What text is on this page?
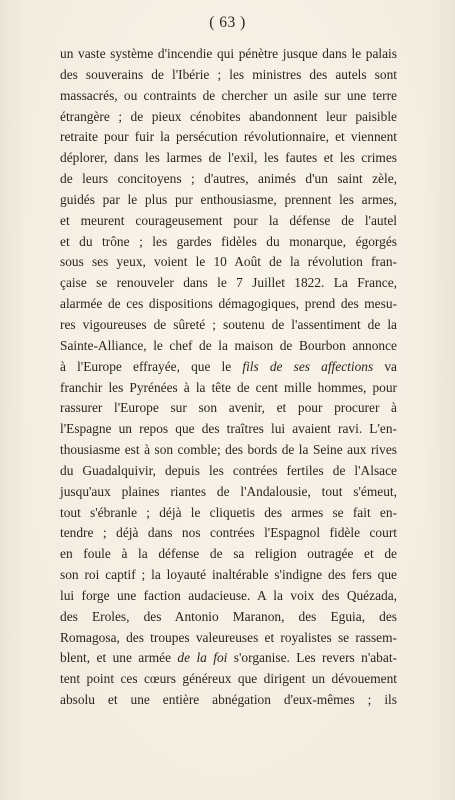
( 63 )
un vaste système d'incendie qui pénètre jusque dans le palais
des souverains de l'Ibérie ; les ministres des autels sont
massacrés, ou contraints de chercher un asile sur une terre
étrangère ; de pieux cénobites abandonnent leur paisible
retraite pour fuir la persécution révolutionnaire, et viennent
déplorer, dans les larmes de l'exil, les fautes et les crimes
de leurs concitoyens ; d'autres, animés d'un saint zèle,
guidés par le plus pur enthousiasme, prennent les armes,
et meurent courageusement pour la défense de l'autel
et du trône ; les gardes fidèles du monarque, égorgés
sous ses yeux, voient le 10 Août de la révolution fran-
çaise se renouveler dans le 7 Juillet 1822. La France,
alarmée de ces dispositions démagogiques, prend des mesu-
res vigoureuses de sûreté ; soutenu de l'assentiment de la
Sainte-Alliance, le chef de la maison de Bourbon annonce
à l'Europe effrayée, que le fils de ses affections va
franchir les Pyrénées à la tête de cent mille hommes, pour
rassurer l'Europe sur son avenir, et pour procurer à
l'Espagne un repos que des traîtres lui avaient ravi. L'en-
thousiasme est à son comble; des bords de la Seine aux rives
du Guadalquivir, depuis les contrées fertiles de l'Alsace
jusqu'aux plaines riantes de l'Andalousie, tout s'émeut,
tout s'ébranle ; déjà le cliquetis des armes se fait en-
tendre ; déjà dans nos contrées l'Espagnol fidèle court
en foule à la défense de sa religion outragée et de
son roi captif ; la loyauté inaltérable s'indigne des fers que
lui forge une faction audacieuse. A la voix des Quézada,
des Eroles, des Antonio Maranon, des Eguia, des
Romagosa, des troupes valeureuses et royalistes se rassem-
blent, et une armée de la foi s'organise. Les revers n'abat-
tent point ces cœurs généreux que dirigent un dévouement
absolu et une entière abnégation d'eux-mêmes ; ils
